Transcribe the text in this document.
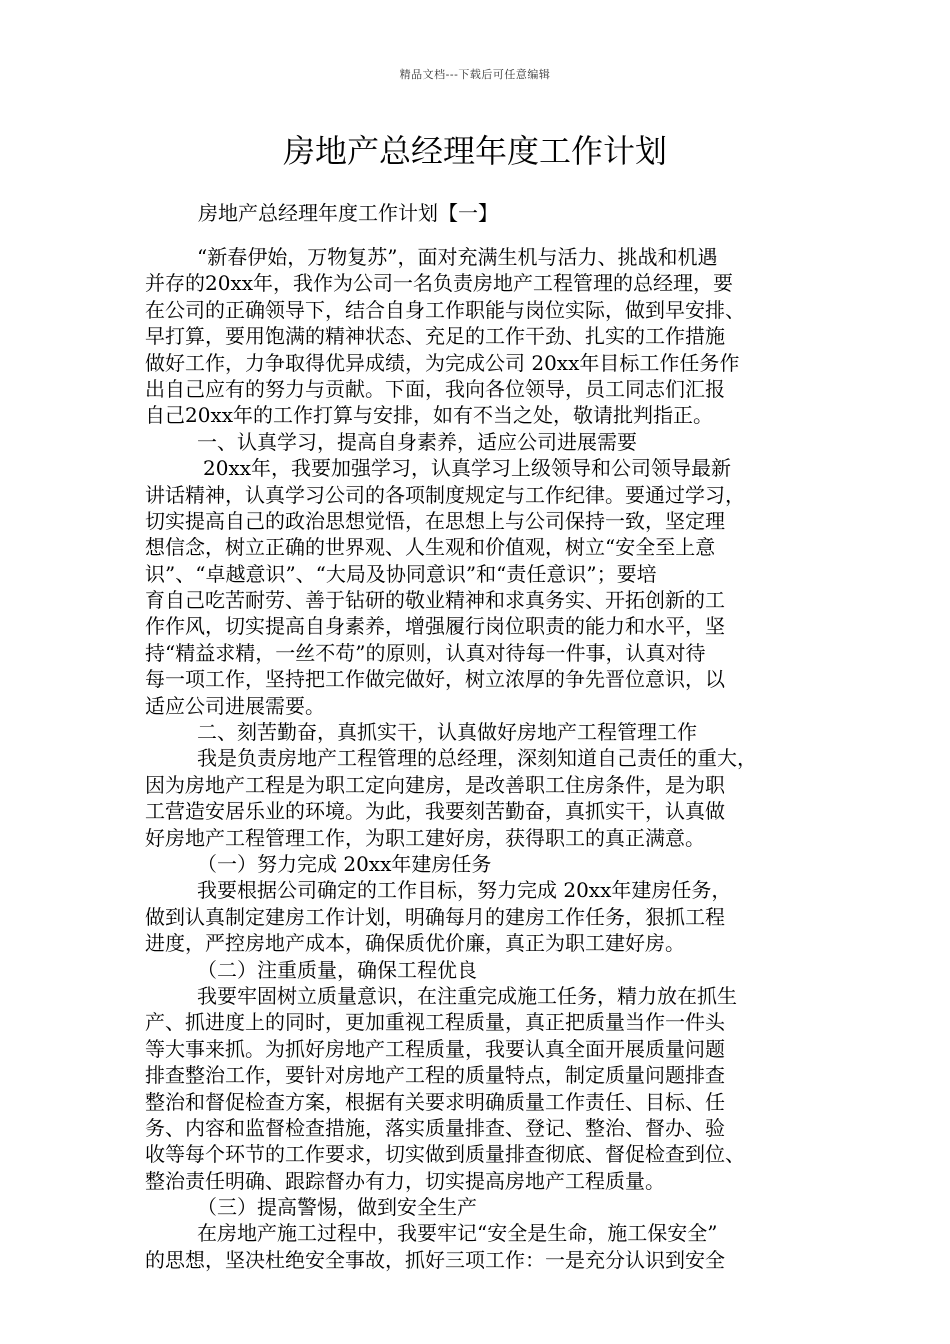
精品文档---下载后可任意编辑
房地产总经理年度工作计划
房地产总经理年度工作计划【一】
“新春伊始，万物复苏”，面对充满生机与活力、挑战和机遇
并存的20xx年，我作为公司一名负责房地产工程管理的总经理，要
在公司的正确领导下，结合自身工作职能与岗位实际，做到早安排、
早打算，要用饱满的精神状态、充足的工作干劲、扎实的工作措施
做好工作，力争取得优异成绩，为完成公司 20xx年目标工作任务作
出自己应有的努力与贡献。下面，我向各位领导，员工同志们汇报
自己20xx年的工作打算与安排，如有不当之处，敬请批判指正。
一、认真学习，提高自身素养，适应公司进展需要
20xx年，我要加强学习，认真学习上级领导和公司领导最新
讲话精神，认真学习公司的各项制度规定与工作纪律。要通过学习，
切实提高自己的政治思想觉悟，在思想上与公司保持一致，坚定理
想信念，树立正确的世界观、人生观和价值观，树立“安全至上意
识”、“卓越意识”、“大局及协同意识”和“责任意识”；要培
育自己吃苦耐劳、善于钻研的敬业精神和求真务实、开拓创新的工
作作风，切实提高自身素养，增强履行岗位职责的能力和水平，坚
持“精益求精，一丝不苟”的原则，认真对待每一件事，认真对待
每一项工作，坚持把工作做完做好，树立浓厚的争先晋位意识，以
适应公司进展需要。
二、刻苦勤奋，真抓实干，认真做好房地产工程管理工作
我是负责房地产工程管理的总经理，深刻知道自己责任的重大，
因为房地产工程是为职工定向建房，是改善职工住房条件，是为职
工营造安居乐业的环境。为此，我要刻苦勤奋，真抓实干，认真做
好房地产工程管理工作，为职工建好房，获得职工的真正满意。
（一）努力完成 20xx年建房任务
我要根据公司确定的工作目标，努力完成 20xx年建房任务，
做到认真制定建房工作计划，明确每月的建房工作任务，狠抓工程
进度，严控房地产成本，确保质优价廉，真正为职工建好房。
（二）注重质量，确保工程优良
我要牢固树立质量意识，在注重完成施工任务，精力放在抓生
产、抓进度上的同时，更加重视工程质量，真正把质量当作一件头
等大事来抓。为抓好房地产工程质量，我要认真全面开展质量问题
排查整治工作，要针对房地产工程的质量特点，制定质量问题排查
整治和督促检查方案，根据有关要求明确质量工作责任、目标、任
务、内容和监督检查措施，落实质量排查、登记、整治、督办、验
收等每个环节的工作要求，切实做到质量排查彻底、督促检查到位、
整治责任明确、跟踪督办有力，切实提高房地产工程质量。
（三）提高警惕，做到安全生产
在房地产施工过程中，我要牢记“安全是生命，施工保安全”
的思想，坚决杜绝安全事故，抓好三项工作：一是充分认识到安全
